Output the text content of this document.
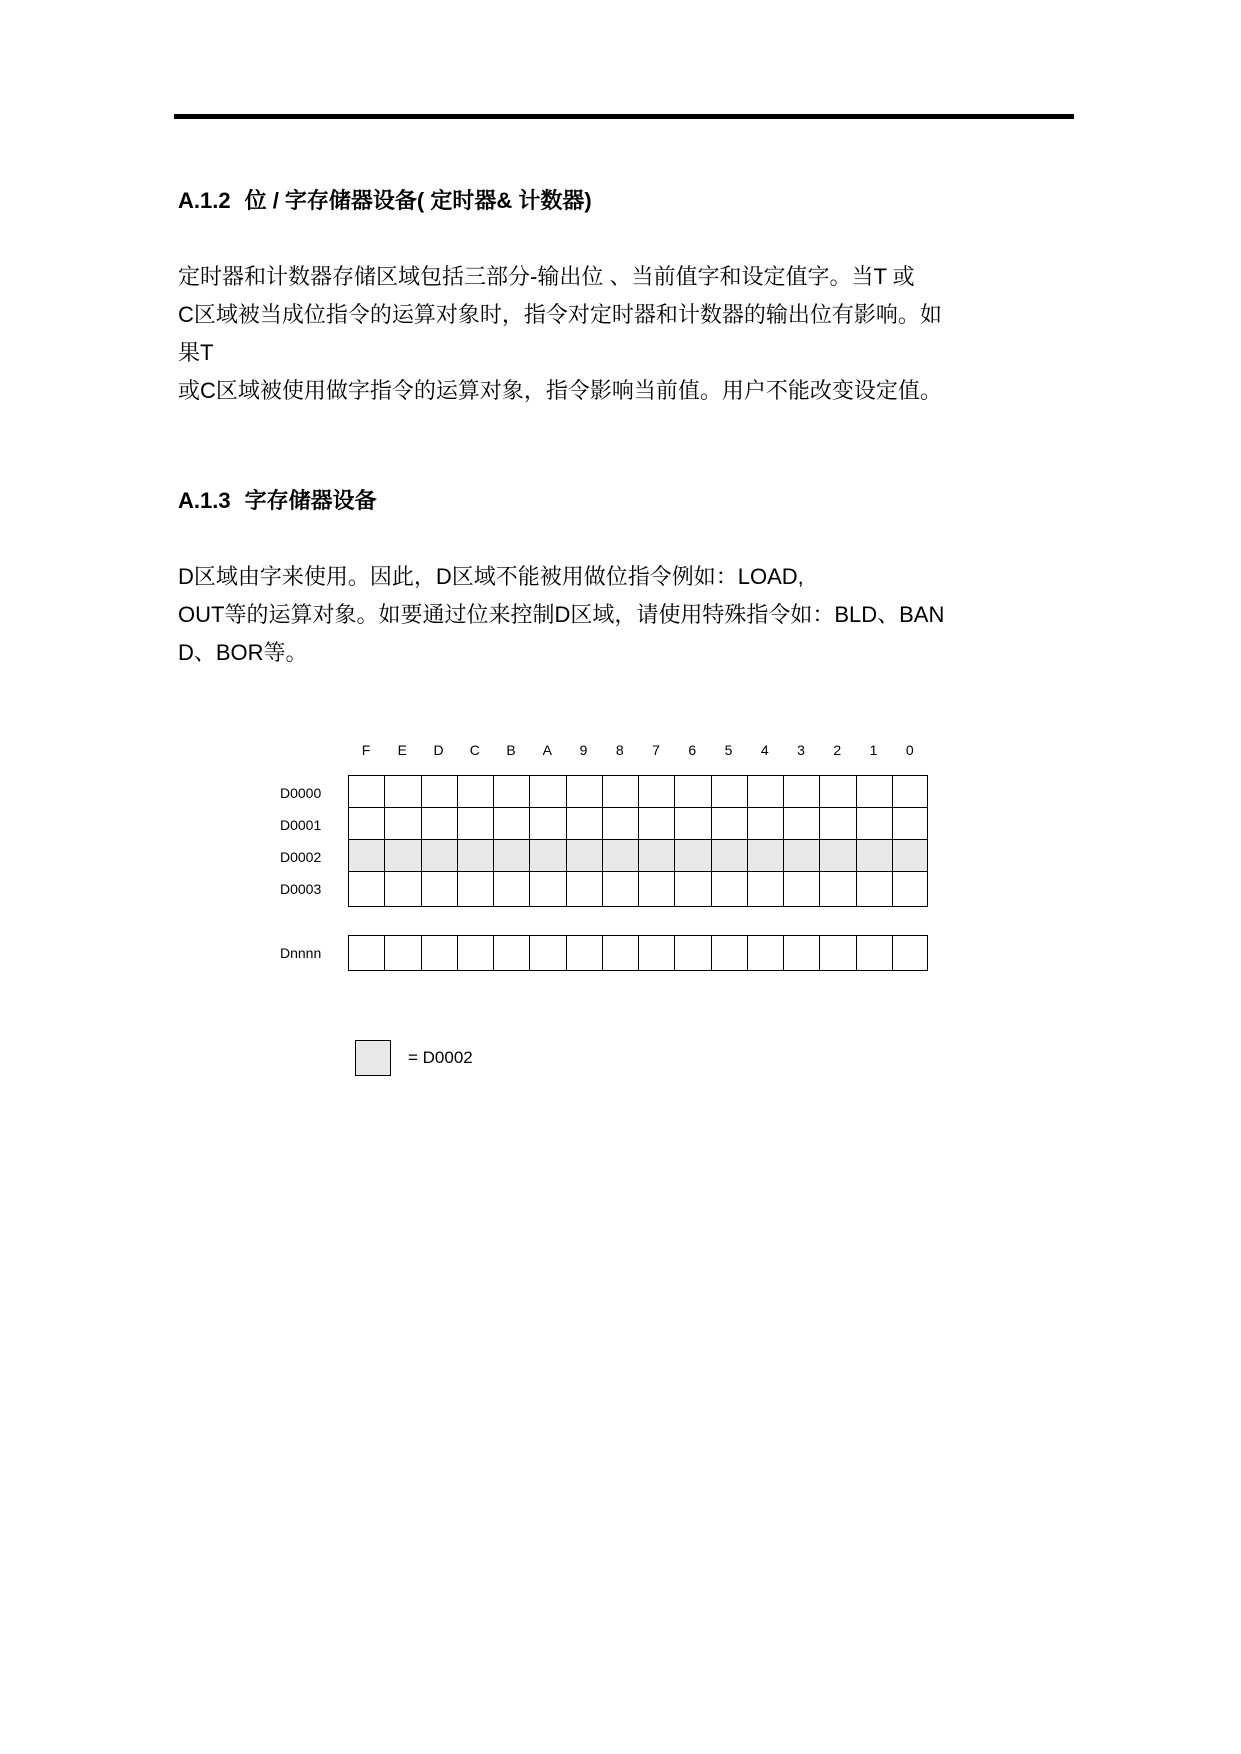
A.1.2 位 / 字存储器设备( 定时器& 计数器)
定时器和计数器存储区域包括三部分-输出位 、当前值字和设定值字。当T 或
C区域被当成位指令的运算对象时，指令对定时器和计数器的输出位有影响。如
果T
或C区域被使用做字指令的运算对象，指令影响当前值。用户不能改变设定值。
A.1.3 字存储器设备
D区域由字来使用。因此，D区域不能被用做位指令例如：LOAD,
OUT等的运算对象。如要通过位来控制D区域，请使用特殊指令如：BLD、BAN
D、BOR等。
= D0002
F	E	D	C	B	A	9	8	7	6	5	4	3	2	1	0
D0000
D0001
D0002
D0003
Dnnnn
